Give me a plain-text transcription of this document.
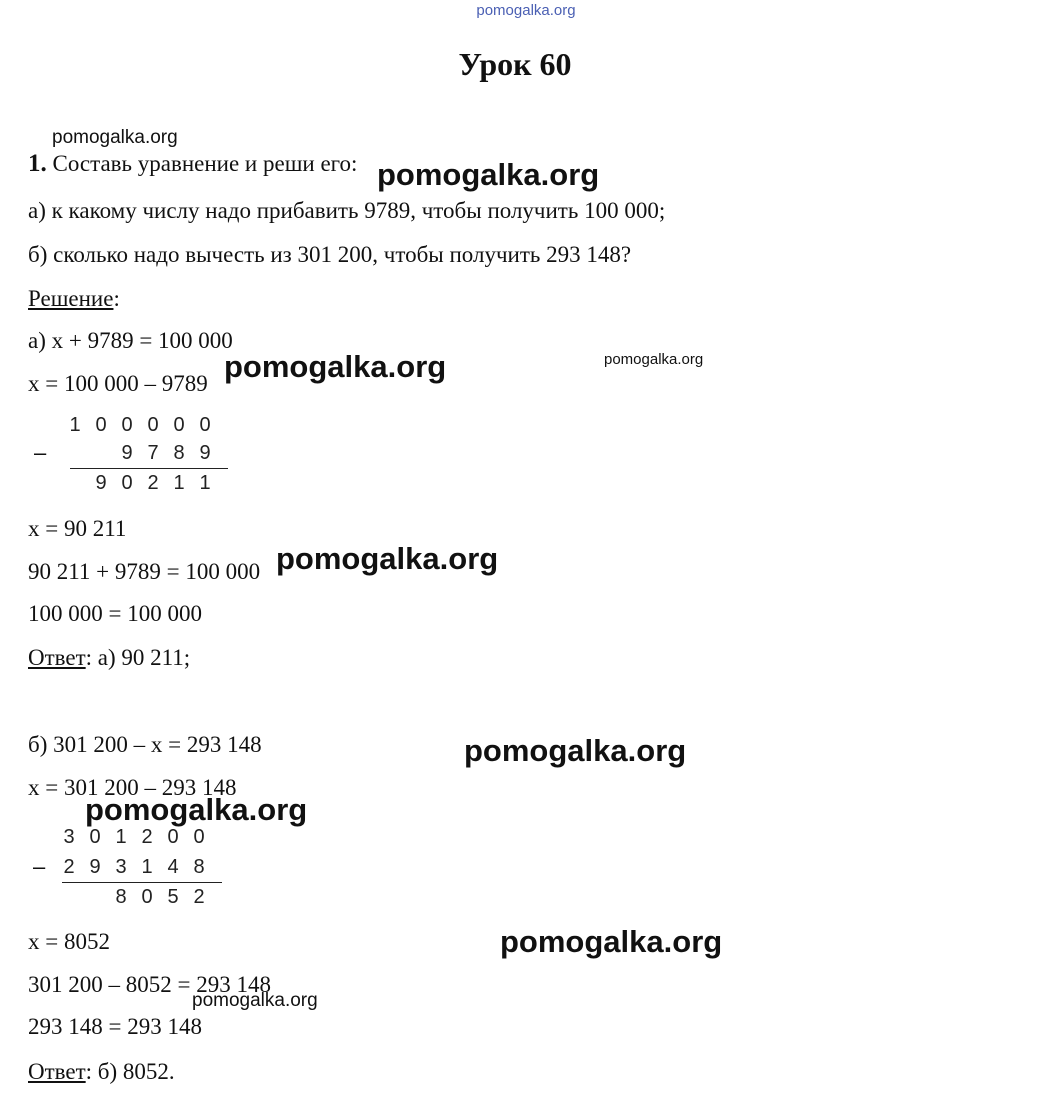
pomogalka.org
Урок 60
1. Составь уравнение и реши его:
а) к какому числу надо прибавить 9789, чтобы получить 100 000;
б) сколько надо вычесть из 301 200, чтобы получить 293 148?
Решение:
а) x + 9789 = 100 000
x = 100 000 – 9789
1 0 0 0 0 0
9 7 8 9
9 0 2 1 1
–
x = 90 211
90 211 + 9789 = 100 000
100 000 = 100 000
Ответ: а) 90 211;
б) 301 200 – x = 293 148
x = 301 200 – 293 148
3 0 1 2 0 0
2 9 3 1 4 8
8 0 5 2
–
x = 8052
301 200 – 8052 = 293 148
293 148 = 293 148
Ответ: б) 8052.
pomogalka.org
pomogalka.org
pomogalka.org	pomogalka.org
pomogalka.org
pomogalka.org
pomogalka.org
pomogalka.org
pomogalka.org
